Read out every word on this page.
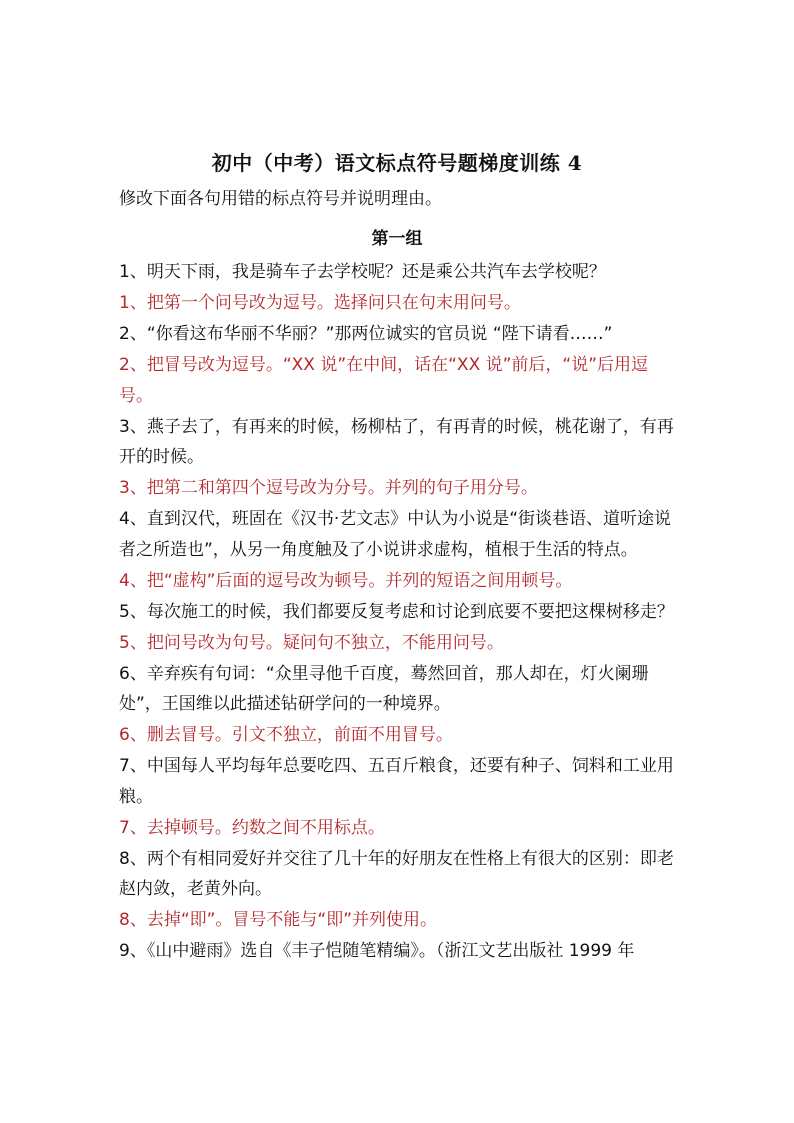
初中（中考）语文标点符号题梯度训练 4
修改下面各句用错的标点符号并说明理由。
第一组

1、明天下雨，我是骑车子去学校呢？还是乘公共汽车去学校呢？

1、把第一个问号改为逗号。选择问只在句末用问号。

2、“你看这布华丽不华丽？”那两位诚实的官员说 “陛下请看……”

2、把冒号改为逗号。“XX 说”在中间，话在“XX 说”前后，“说”后用逗号。

3、燕子去了，有再来的时候，杨柳枯了，有再青的时候，桃花谢了，有再开的时候。

3、把第二和第四个逗号改为分号。并列的句子用分号。

4、直到汉代，班固在《汉书·艺文志》中认为小说是“街谈巷语、道听途说者之所造也”，从另一角度触及了小说讲求虚构，植根于生活的特点。

4、把“虚构”后面的逗号改为顿号。并列的短语之间用顿号。

5、每次施工的时候，我们都要反复考虑和讨论到底要不要把这棵树移走？

5、把问号改为句号。疑问句不独立，不能用问号。

6、辛弃疾有句词：“众里寻他千百度，蓦然回首，那人却在，灯火阑珊处”，王国维以此描述钻研学问的一种境界。

6、删去冒号。引文不独立，前面不用冒号。

7、中国每人平均每年总要吃四、五百斤粮食，还要有种子、饲料和工业用粮。

7、去掉顿号。约数之间不用标点。

8、两个有相同爱好并交往了几十年的好朋友在性格上有很大的区别：即老赵内敛，老黄外向。

8、去掉“即”。冒号不能与“即”并列使用。

9、《山中避雨》选自《丰子恺随笔精编》。（浙江文艺出版社 1999 年
